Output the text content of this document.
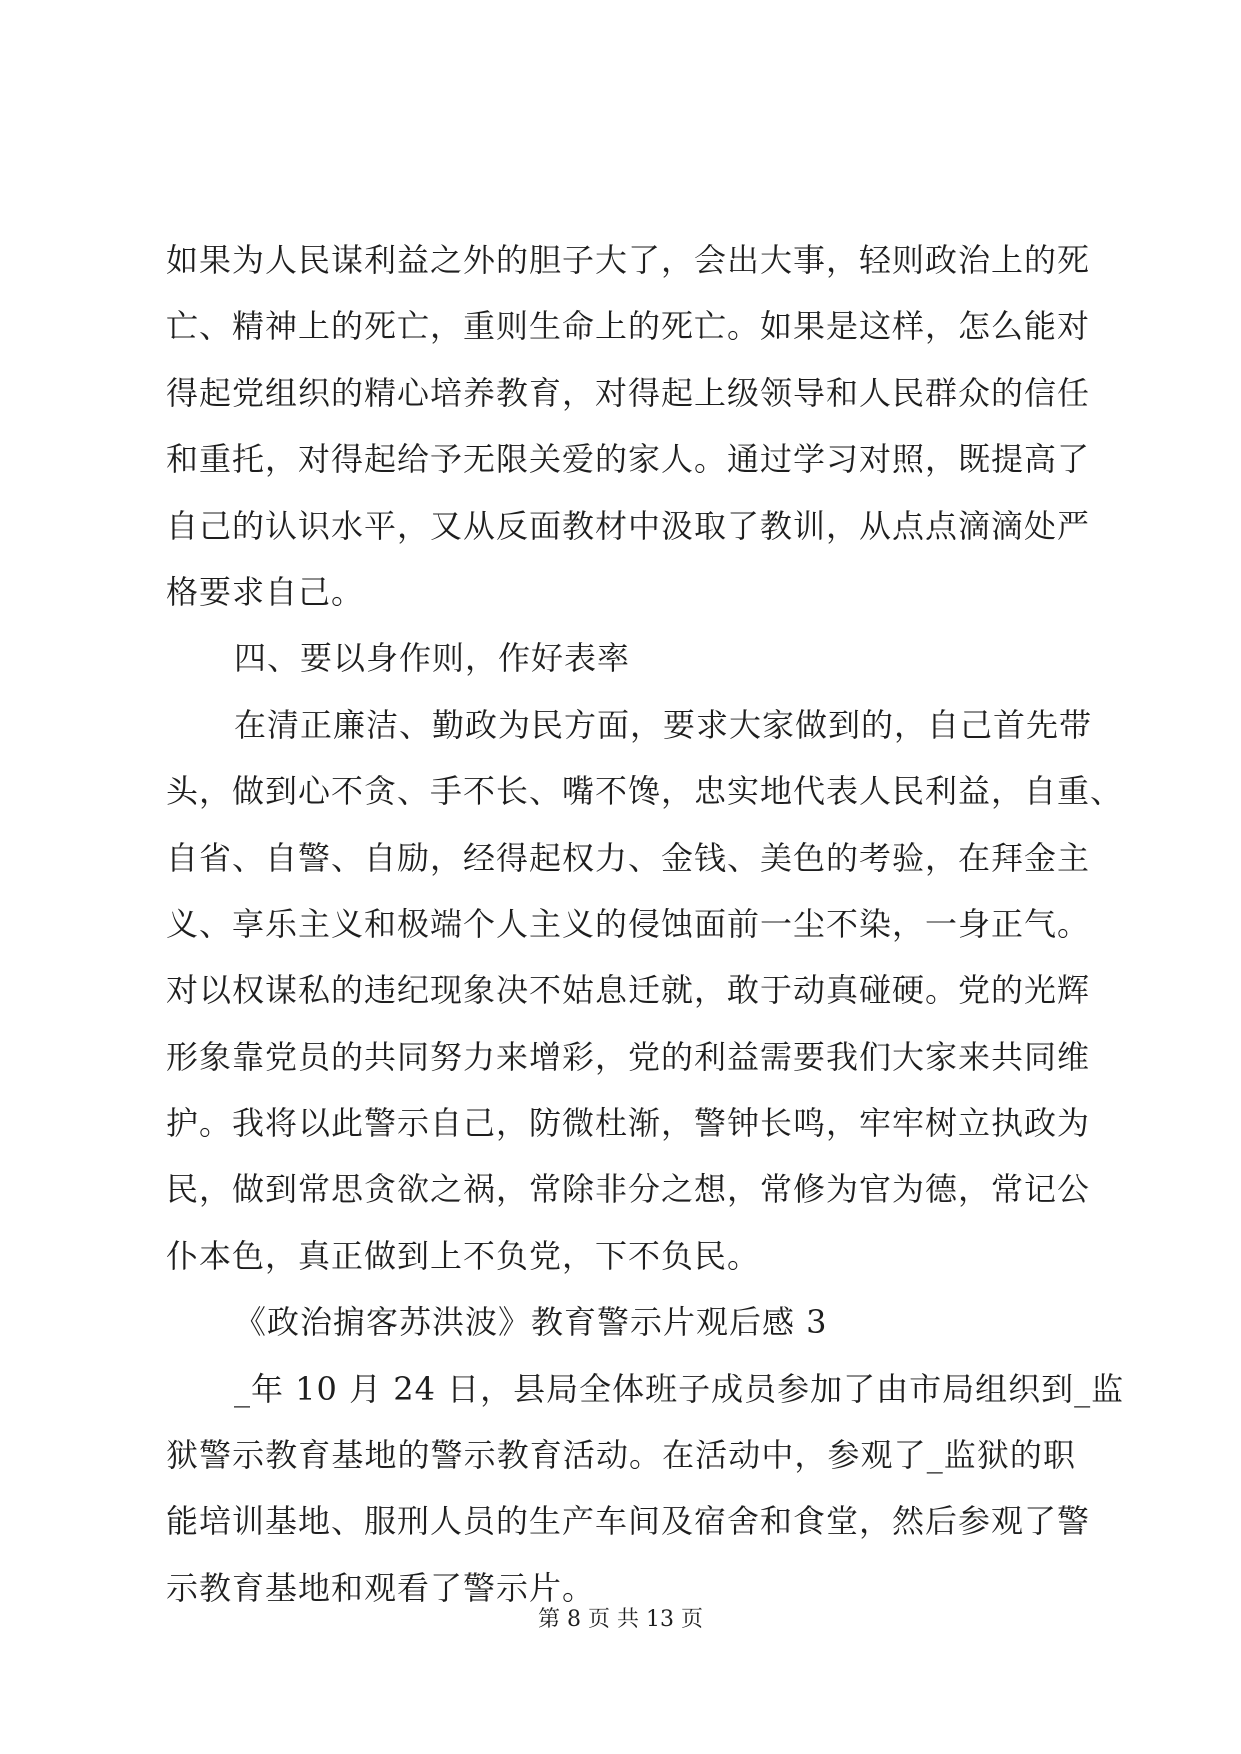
如果为人民谋利益之外的胆子大了，会出大事，轻则政治上的死
亡、精神上的死亡，重则生命上的死亡。如果是这样，怎么能对
得起党组织的精心培养教育，对得起上级领导和人民群众的信任
和重托，对得起给予无限关爱的家人。通过学习对照，既提高了
自己的认识水平，又从反面教材中汲取了教训，从点点滴滴处严
格要求自己。
四、要以身作则，作好表率
在清正廉洁、勤政为民方面，要求大家做到的，自己首先带
头，做到心不贪、手不长、嘴不馋，忠实地代表人民利益，自重、
自省、自警、自励，经得起权力、金钱、美色的考验，在拜金主
义、享乐主义和极端个人主义的侵蚀面前一尘不染，一身正气。
对以权谋私的违纪现象决不姑息迁就，敢于动真碰硬。党的光辉
形象靠党员的共同努力来增彩，党的利益需要我们大家来共同维
护。我将以此警示自己，防微杜渐，警钟长鸣，牢牢树立执政为
民，做到常思贪欲之祸，常除非分之想，常修为官为德，常记公
仆本色，真正做到上不负党，下不负民。
《政治掮客苏洪波》教育警示片观后感 3
_年 10 月 24 日，县局全体班子成员参加了由市局组织到_监
狱警示教育基地的警示教育活动。在活动中，参观了_监狱的职
能培训基地、服刑人员的生产车间及宿舍和食堂，然后参观了警
示教育基地和观看了警示片。
第 8 页 共 13 页
